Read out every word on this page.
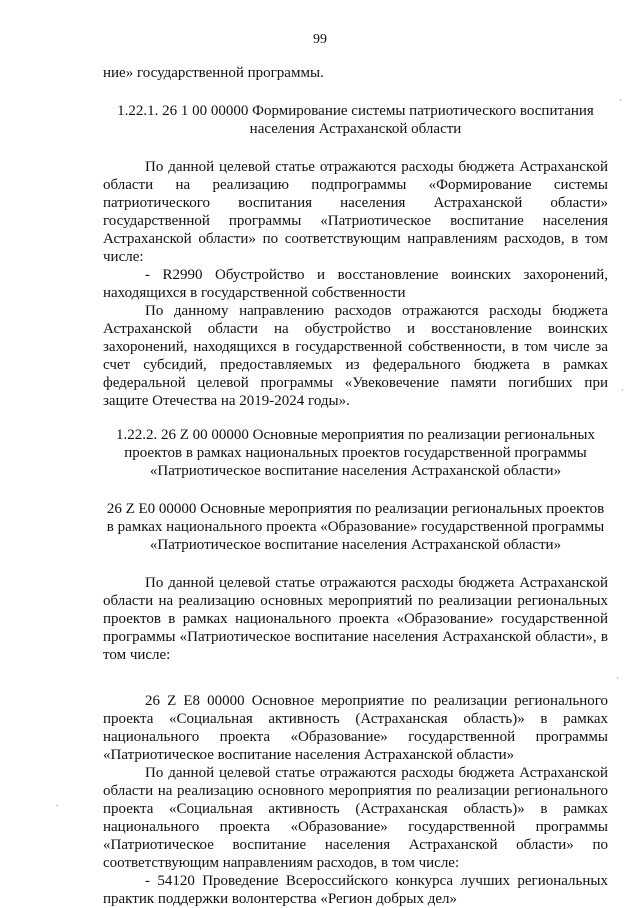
99

ние» государственной программы.

1.22.1. 26 1 00 00000 Формирование системы патриотического воспитания населения Астраханской области

По данной целевой статье отражаются расходы бюджета Астраханской области на реализацию подпрограммы «Формирование системы патриотического воспитания населения Астраханской области» государственной программы «Патриотическое воспитание населения Астраханской области» по соответствующим направлениям расходов, в том числе:

- R2990 Обустройство и восстановление воинских захоронений, находящихся в государственной собственности

По данному направлению расходов отражаются расходы бюджета Астраханской области на обустройство и восстановление воинских захоронений, находящихся в государственной собственности, в том числе за счет субсидий, предоставляемых из федерального бюджета в рамках федеральной целевой программы «Увековечение памяти погибших при защите Отечества на 2019-2024 годы».

1.22.2. 26 Z 00 00000 Основные мероприятия по реализации региональных проектов в рамках национальных проектов государственной программы «Патриотическое воспитание населения Астраханской области»

26 Z E0 00000 Основные мероприятия по реализации региональных проектов в рамках национального проекта «Образование» государственной программы «Патриотическое воспитание населения Астраханской области»

По данной целевой статье отражаются расходы бюджета Астраханской области на реализацию основных мероприятий по реализации региональных проектов в рамках национального проекта «Образование» государственной программы «Патриотическое воспитание населения Астраханской области», в том числе:

26 Z E8 00000 Основное мероприятие по реализации регионального проекта «Социальная активность (Астраханская область)» в рамках национального проекта «Образование» государственной программы «Патриотическое воспитание населения Астраханской области»

По данной целевой статье отражаются расходы бюджета Астраханской области на реализацию основного мероприятия по реализации регионального проекта «Социальная активность (Астраханская область)» в рамках национального проекта «Образование» государственной программы «Патриотическое воспитание населения Астраханской области» по соответствующим направлениям расходов, в том числе:

- 54120 Проведение Всероссийского конкурса лучших региональных практик поддержки волонтерства «Регион добрых дел»

´
´
´
.
